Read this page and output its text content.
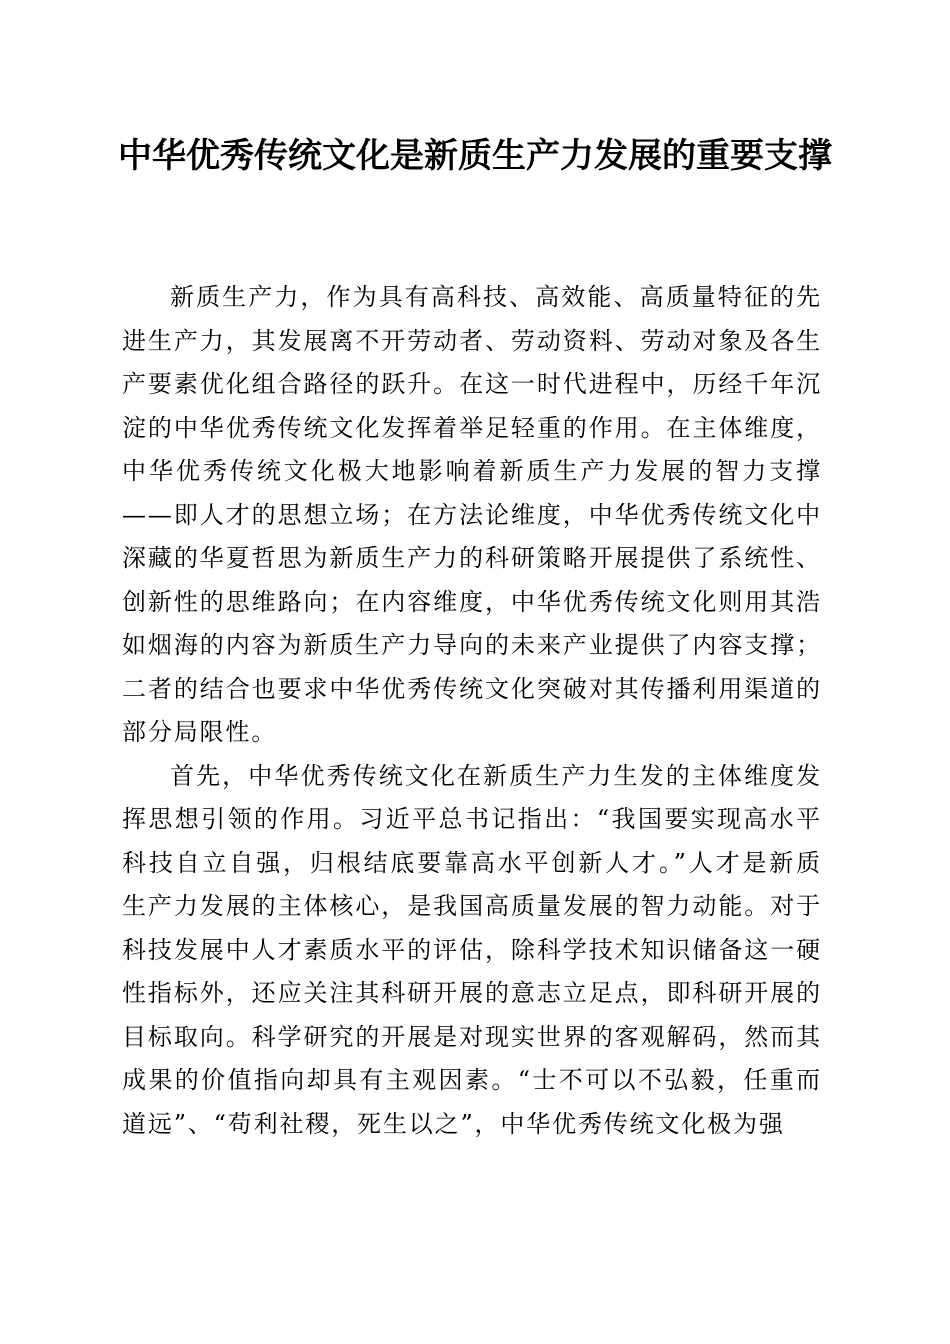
中华优秀传统文化是新质生产力发展的重要支撑

新质生产力，作为具有高科技、高效能、高质量特征的先进生产力，其发展离不开劳动者、劳动资料、劳动对象及各生产要素优化组合路径的跃升。在这一时代进程中，历经千年沉淀的中华优秀传统文化发挥着举足轻重的作用。在主体维度，中华优秀传统文化极大地影响着新质生产力发展的智力支撑——即人才的思想立场；在方法论维度，中华优秀传统文化中深藏的华夏哲思为新质生产力的科研策略开展提供了系统性、创新性的思维路向；在内容维度，中华优秀传统文化则用其浩如烟海的内容为新质生产力导向的未来产业提供了内容支撑；二者的结合也要求中华优秀传统文化突破对其传播利用渠道的部分局限性。

首先，中华优秀传统文化在新质生产力生发的主体维度发挥思想引领的作用。习近平总书记指出：“我国要实现高水平科技自立自强，归根结底要靠高水平创新人才。”人才是新质生产力发展的主体核心，是我国高质量发展的智力动能。对于科技发展中人才素质水平的评估，除科学技术知识储备这一硬性指标外，还应关注其科研开展的意志立足点，即科研开展的目标取向。科学研究的开展是对现实世界的客观解码，然而其成果的价值指向却具有主观因素。“士不可以不弘毅，任重而道远”、“苟利社稷，死生以之”，中华优秀传统文化极为强
